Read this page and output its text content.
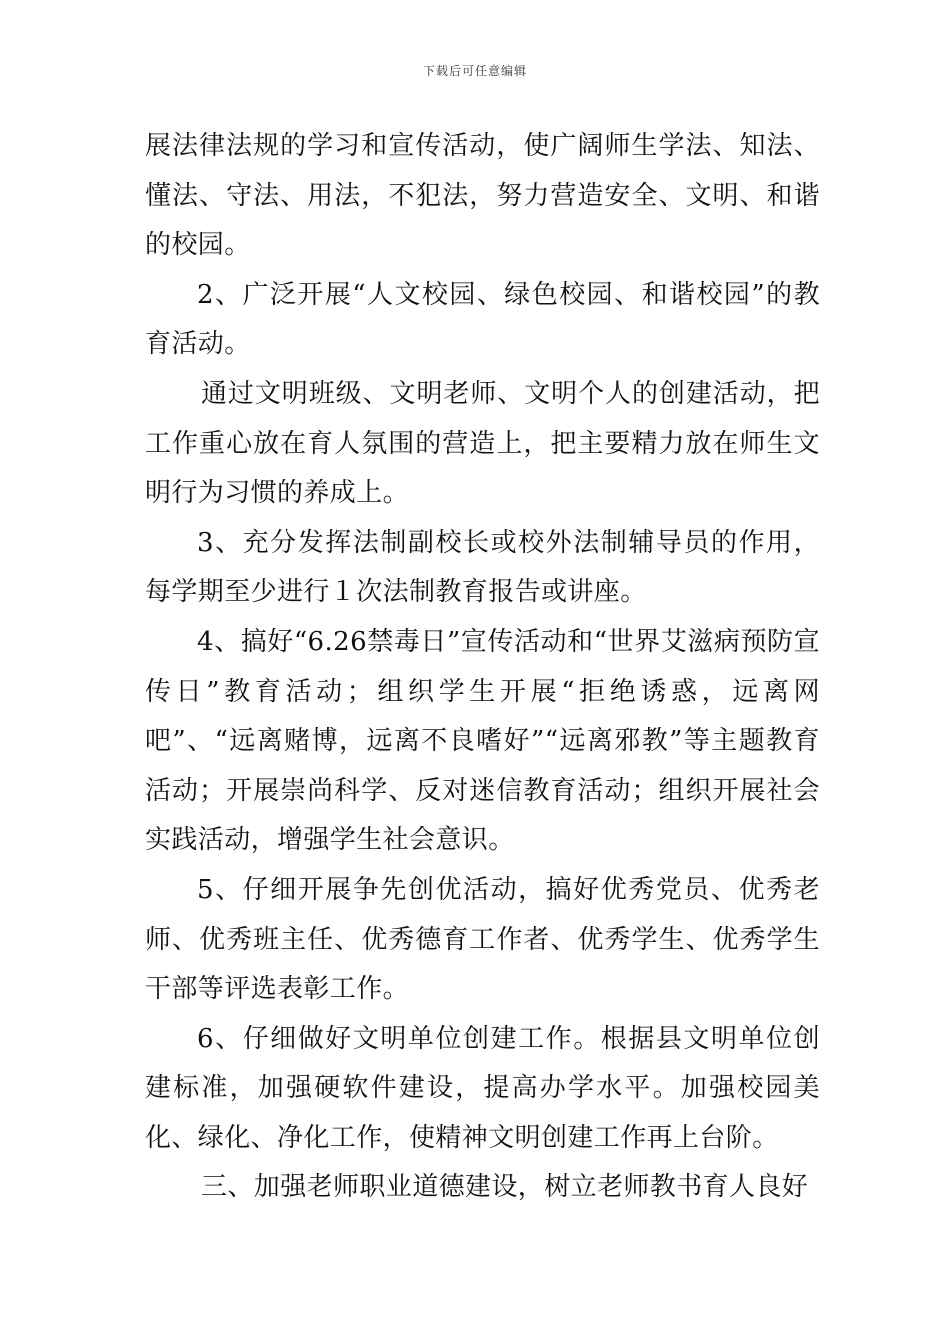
下载后可任意编辑

展法律法规的学习和宣传活动，使广阔师生学法、知法、懂法、守法、用法，不犯法，努力营造安全、文明、和谐的校园。

2、广泛开展“人文校园、绿色校园、和谐校园”的教育活动。

通过文明班级、文明老师、文明个人的创建活动，把工作重心放在育人氛围的营造上，把主要精力放在师生文明行为习惯的养成上。

3、充分发挥法制副校长或校外法制辅导员的作用，每学期至少进行１次法制教育报告或讲座。

4、搞好“6.26禁毒日”宣传活动和“世界艾滋病预防宣传日”教育活动；组织学生开展“拒绝诱惑，远离网吧”、“远离赌博，远离不良嗜好”“远离邪教”等主题教育活动；开展崇尚科学、反对迷信教育活动；组织开展社会实践活动，增强学生社会意识。

5、仔细开展争先创优活动，搞好优秀党员、优秀老师、优秀班主任、优秀德育工作者、优秀学生、优秀学生干部等评选表彰工作。

6、仔细做好文明单位创建工作。根据县文明单位创建标准，加强硬软件建设，提高办学水平。加强校园美化、绿化、净化工作，使精神文明创建工作再上台阶。

三、加强老师职业道德建设，树立老师教书育人良好
